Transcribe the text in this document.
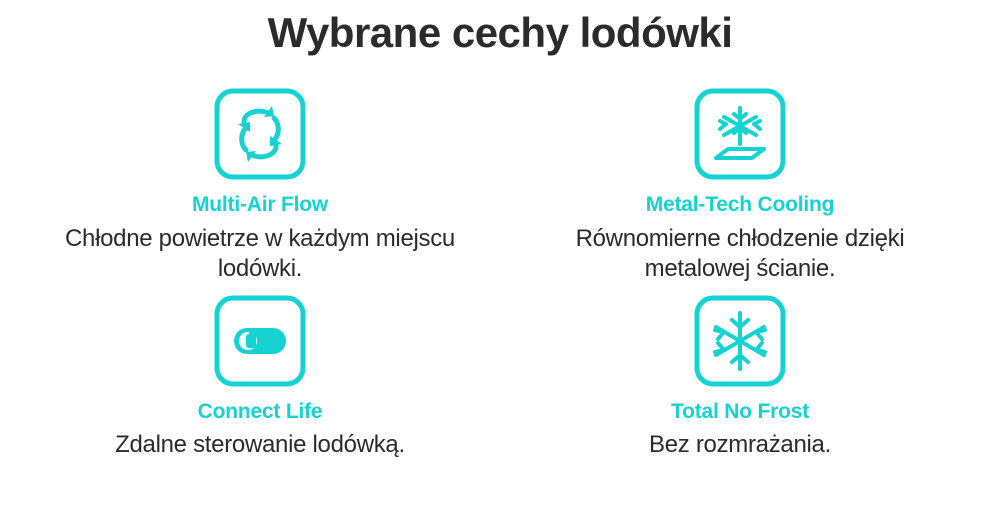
Wybrane cechy lodówki
Multi-Air Flow
Chłodne powietrze w każdym miejscu lodówki.
Metal-Tech Cooling
Równomierne chłodzenie dzięki metalowej ścianie.
Connect Life
Zdalne sterowanie lodówką.
Total No Frost
Bez rozmrażania.
